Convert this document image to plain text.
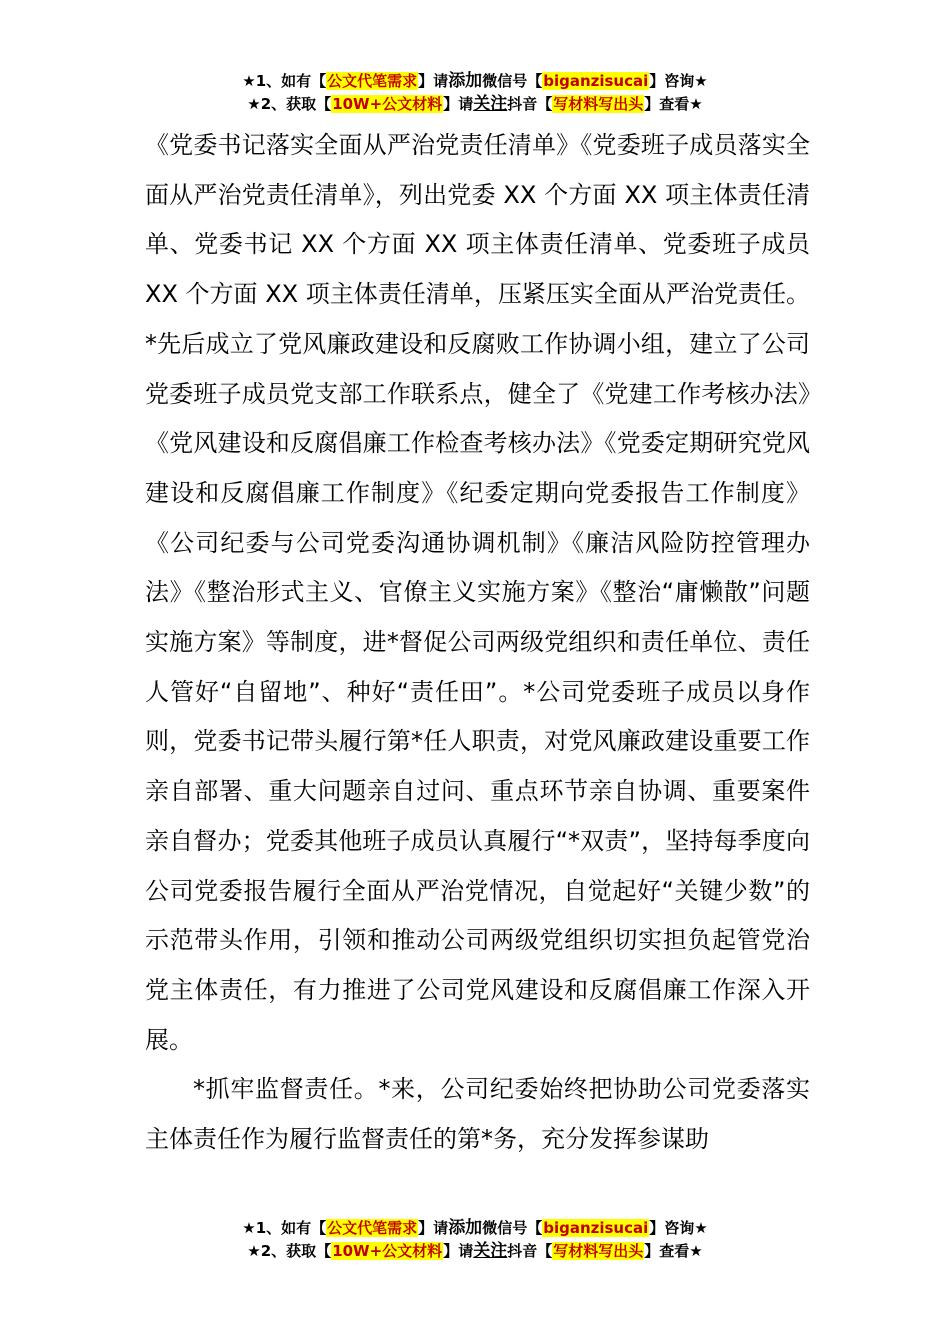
★1、如有【公文代笔需求】请添加微信号【biganzisucai】咨询★
★2、获取【10W+公文材料】请关注抖音【写材料写出头】查看★

《党委书记落实全面从严治党责任清单》《党委班子成员落实全面从严治党责任清单》，列出党委 XX 个方面 XX 项主体责任清单、党委书记 XX 个方面 XX 项主体责任清单、党委班子成员 XX 个方面 XX 项主体责任清单，压紧压实全面从严治党责任。*先后成立了党风廉政建设和反腐败工作协调小组，建立了公司党委班子成员党支部工作联系点，健全了《党建工作考核办法》《党风建设和反腐倡廉工作检查考核办法》《党委定期研究党风建设和反腐倡廉工作制度》《纪委定期向党委报告工作制度》《公司纪委与公司党委沟通协调机制》《廉洁风险防控管理办法》《整治形式主义、官僚主义实施方案》《整治“庸懒散”问题实施方案》等制度，进*督促公司两级党组织和责任单位、责任人管好“自留地”、种好“责任田”。*公司党委班子成员以身作则，党委书记带头履行第*任人职责，对党风廉政建设重要工作亲自部署、重大问题亲自过问、重点环节亲自协调、重要案件亲自督办；党委其他班子成员认真履行“*双责”，坚持每季度向公司党委报告履行全面从严治党情况，自觉起好“关键少数”的示范带头作用，引领和推动公司两级党组织切实担负起管党治党主体责任，有力推进了公司党风建设和反腐倡廉工作深入开展。

*抓牢监督责任。*来，公司纪委始终把协助公司党委落实主体责任作为履行监督责任的第*务，充分发挥参谋助

★1、如有【公文代笔需求】请添加微信号【biganzisucai】咨询★
★2、获取【10W+公文材料】请关注抖音【写材料写出头】查看★
